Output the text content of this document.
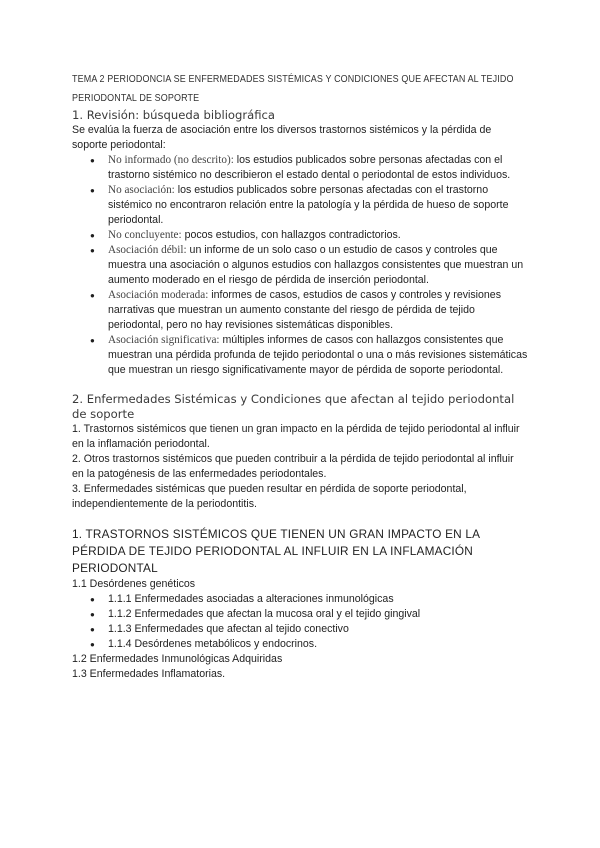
TEMA 2 PERIODONCIA SE ENFERMEDADES SISTÉMICAS Y CONDICIONES QUE AFECTAN AL TEJIDO PERIODONTAL DE SOPORTE
1. Revisión: búsqueda bibliográfica

Se evalúa la fuerza de asociación entre los diversos trastornos sistémicos y la pérdida de soporte periodontal:

● No informado (no descrito): los estudios publicados sobre personas afectadas con el trastorno sistémico no describieron el estado dental o periodontal de estos individuos.
● No asociación: los estudios publicados sobre personas afectadas con el trastorno sistémico no encontraron relación entre la patología y la pérdida de hueso de soporte periodontal.
● No concluyente: pocos estudios, con hallazgos contradictorios.
● Asociación débil: un informe de un solo caso o un estudio de casos y controles que muestra una asociación o algunos estudios con hallazgos consistentes que muestran un aumento moderado en el riesgo de pérdida de inserción periodontal.
● Asociación moderada: informes de casos, estudios de casos y controles y revisiones narrativas que muestran un aumento constante del riesgo de pérdida de tejido periodontal, pero no hay revisiones sistemáticas disponibles.
● Asociación significativa: múltiples informes de casos con hallazgos consistentes que muestran una pérdida profunda de tejido periodontal o una o más revisiones sistemáticas que muestran un riesgo significativamente mayor de pérdida de soporte periodontal.
2. Enfermedades Sistémicas y Condiciones que afectan al tejido periodontal de soporte

1. Trastornos sistémicos que tienen un gran impacto en la pérdida de tejido periodontal al influir en la inflamación periodontal.

2. Otros trastornos sistémicos que pueden contribuir a la pérdida de tejido periodontal al influir en la patogénesis de las enfermedades periodontales.

3. Enfermedades sistémicas que pueden resultar en pérdida de soporte periodontal, independientemente de la periodontitis.

1. TRASTORNOS SISTÉMICOS QUE TIENEN UN GRAN IMPACTO EN LA PÉRDIDA DE TEJIDO PERIODONTAL AL INFLUIR EN LA INFLAMACIÓN PERIODONTAL

1.1 Desórdenes genéticos

● 1.1.1 Enfermedades asociadas a alteraciones inmunológicas
● 1.1.2 Enfermedades que afectan la mucosa oral y el tejido gingival
● 1.1.3 Enfermedades que afectan al tejido conectivo
● 1.1.4 Desórdenes metabólicos y endocrinos.

1.2 Enfermedades Inmunológicas Adquiridas

1.3 Enfermedades Inflamatorias.
